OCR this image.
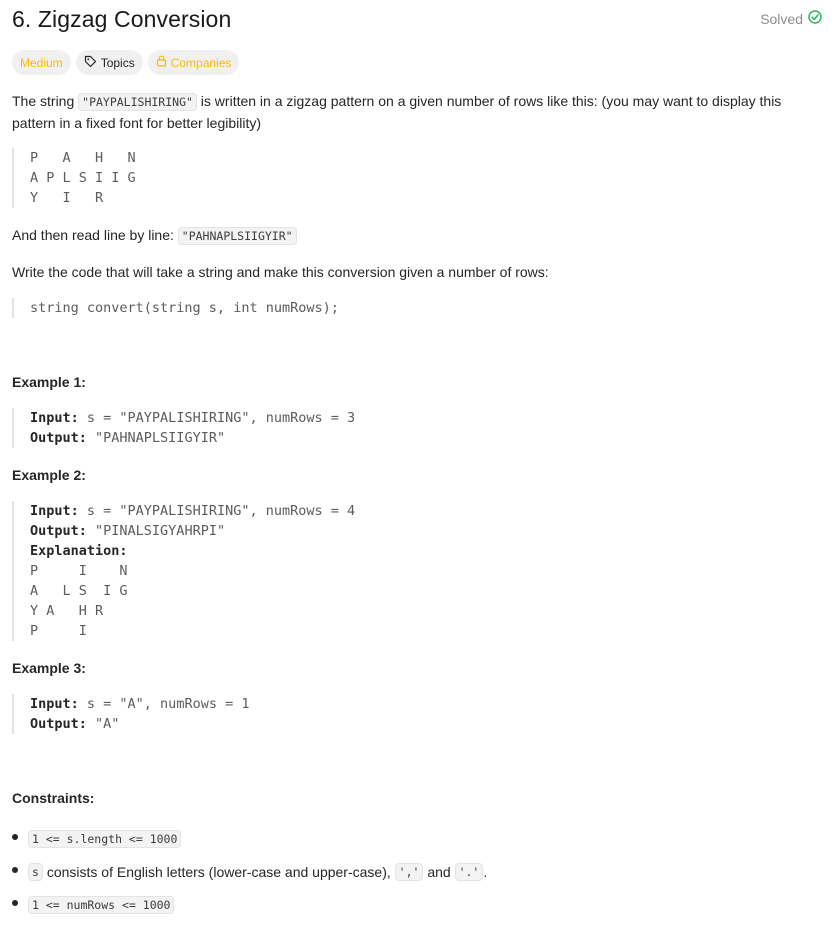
6. Zigzag Conversion	Solved
Medium	Topics	Companies
The string "PAYPALISHIRING" is written in a zigzag pattern on a given number of rows like this: (you may want to display this pattern in a fixed font for better legibility)
P   A   H   N
A P L S I I G
Y   I   R
And then read line by line: "PAHNAPLSIIGYIR"
Write the code that will take a string and make this conversion given a number of rows:
string convert(string s, int numRows);
Example 1:
Input: s = "PAYPALISHIRING", numRows = 3
Output: "PAHNAPLSIIGYIR"
Example 2:
Input: s = "PAYPALISHIRING", numRows = 4
Output: "PINALSIGYAHRPI"
Explanation:
P     I    N
A   L S  I G
Y A   H R
P     I
Example 3:
Input: s = "A", numRows = 1
Output: "A"
Constraints:
1 <= s.length <= 1000
s consists of English letters (lower-case and upper-case), ',' and '.' .
1 <= numRows <= 1000
